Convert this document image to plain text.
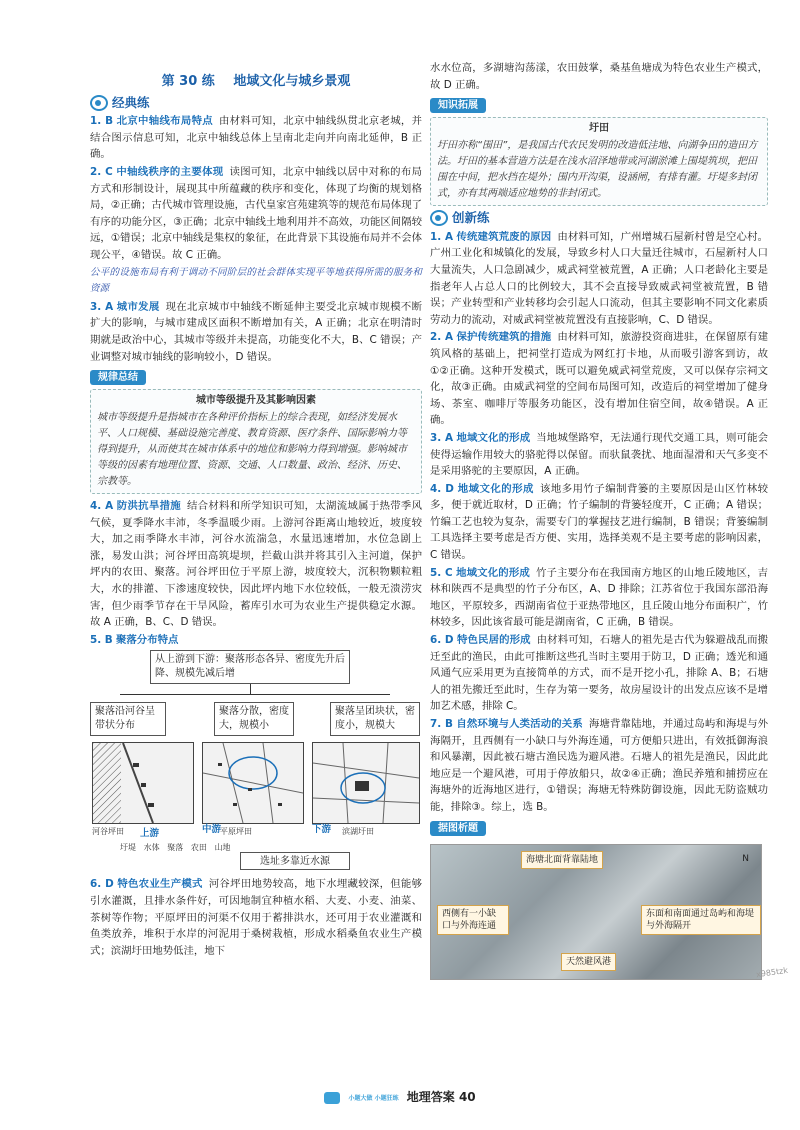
第 30 练 地域文化与城乡景观
经典练

1. B 北京中轴线布局特点 由材料可知，北京中轴线纵贯北京老城，并结合图示信息可知，北京中轴线总体上呈南北走向并向南北延伸，B 正确。

2. C 中轴线秩序的主要体现 读图可知，北京中轴线以居中对称的布局方式和形制设计，展现其中所蕴藏的秩序和变化，体现了均衡的规划格局，②正确；古代城市管理设施，古代皇家宫苑建筑等的规范布局体现了有序的功能分区，③正确；北京中轴线土地利用并不高效，功能区间隔较远，①错误；北京中轴线是集权的象征，在此背景下其设施布局并不会体现公平，④错误。故 C 正确。

公平的设施布局有利于调动不同阶层的社会群体实现平等地获得所需的服务和资源

3. A 城市发展 现在北京城市中轴线不断延伸主要受北京城市规模不断扩大的影响，与城市建成区面积不断增加有关，A 正确；北京在明清时期就是政治中心，其城市等级并未提高，功能变化不大，B、C 错误；产业调整对城市轴线的影响较小，D 错误。

规律总结
城市等级提升及其影响因素
城市等级提升是指城市在各种评价指标上的综合表现，如经济发展水平、人口规模、基础设施完善度、教育资源、医疗条件、国际影响力等得到提升，从而使其在城市体系中的地位和影响力得到增强。影响城市等级的因素有地理位置、资源、交通、人口数量、政治、经济、历史、宗教等。

4. A 防洪抗旱措施 结合材料和所学知识可知，太湖流域属于热带季风气候，夏季降水丰沛，冬季温暖少雨。上游河谷距离山地较近，坡度较大，加之雨季降水丰沛，河谷水流湍急，水量迅速增加，水位急剧上涨，易发山洪；河谷坪田高筑堤坝，拦截山洪并将其引入主河道，保护坪内的农田、聚落。河谷坪田位于平原上游，坡度较大，沉积物颗粒粗大，水的排灌、下渗速度较快，因此坪内地下水位较低，一般无溃涝灾害，但少雨季节存在干旱风险，蓄库引水可为农业生产提供稳定水源。故 A 正确，B、C、D 错误。

5. B 聚落分布特点

从上游到下游：聚落形态各异、密度先升后降、规模先减后增
聚落沿河谷呈带状分布
聚落分散，密度大，规模小
聚落呈团块状，密度小，规模大
河谷坪田 上游	平原坪田
中游	下游 滨湖圩田
圩堤 水体 聚落 农田 山地
选址多靠近水源

6. D 特色农业生产模式 河谷坪田地势较高，地下水埋藏较深，但能够引水灌溉，且排水条件好，可因地制宜种植水稻、大麦、小麦、油菜、茶树等作物；平原坪田的河渠不仅用于蓄排洪水，还可用于农业灌溉和鱼类放养，堆积于水岸的河泥用于桑树栽植，形成水稻桑鱼农业生产模式；滨湖圩田地势低洼，地下

水水位高，多湖塘沟荡漾，农田鼓掌，桑基鱼塘成为特色农业生产模式，故 D 正确。

知识拓展
圩田
圩田亦称“围田”，是我国古代农民发明的改造低洼地、向湖争田的造田方法。圩田的基本营造方法是在浅水沼泽地带或河湖淤滩上围堤筑坝，把田围在中间，把水挡在堤外；围内开沟渠，设涵闸，有排有灌。圩堤多封闭式，亦有其两端适应地势的非封闭式。
创新练

1. A 传统建筑荒废的原因 由材料可知，广州增城石屋新村曾是空心村。广州工业化和城镇化的发展，导致乡村人口大量迁往城市，石屋新村人口大量流失，人口急剧减少，威武祠堂被荒置，A 正确；人口老龄化主要是指老年人占总人口的比例较大，其不会直接导致威武祠堂被荒置，B 错误；产业转型和产业转移均会引起人口流动，但其主要影响不同文化素质劳动力的流动，对威武祠堂被荒置没有直接影响，C、D 错误。

2. A 保护传统建筑的措施 由材料可知，旅游投资商进驻，在保留原有建筑风格的基础上，把祠堂打造成为网红打卡地，从而吸引游客到访，故①②正确。这种开发模式，既可以避免威武祠堂荒废，又可以保存宗祠文化，故③正确。由威武祠堂的空间布局图可知，改造后的祠堂增加了健身场、茶室、咖啡厅等服务功能区，没有增加住宿空间，故④错误。A 正确。

3. A 地域文化的形成 当地城堡路窄，无法通行现代交通工具，则可能会使得运输作用较大的骆驼得以保留。而驮鼠袭扰、地面湿滑和天气多变不是采用骆驼的主要原因，A 正确。

4. D 地域文化的形成 该地多用竹子编制背篓的主要原因是山区竹林较多，便于就近取材，D 正确；竹子编制的背篓轻度开，C 正确；A 错误；竹编工艺也较为复杂，需要专门的掌握技艺进行编制，B 错误；背篓编制工具选择主要考虑是否方便、实用，选择美观不是主要考虑的影响因素，C 错误。

5. C 地域文化的形成 竹子主要分布在我国南方地区的山地丘陵地区，吉林和陕西不是典型的竹子分布区，A、D 排除；江苏省位于我国东部沿海地区，平原较多，西湖南省位于亚热带地区，且丘陵山地分布面积广，竹林较多，因此该省最可能是湖南省，C 正确，B 错误。

6. D 特色民居的形成 由材料可知，石塘人的祖先是古代为躲避战乱而搬迁至此的渔民，由此可推断这些孔当时主要用于防卫，D 正确；透光和通风通气应采用更为直接简单的方式，而不是开挖小孔，排除 A、B；石塘人的祖先搬迁至此时，生存为第一要务，故房屋设计的出发点应该不是增加艺术感，排除 C。

7. B 自然环境与人类活动的关系 海塘背靠陆地，并通过岛屿和海堤与外海隔开，且西侧有一小缺口与外海连通，可方便船只进出，有效抵御海浪和风暴潮，因此被石塘古渔民选为避风港。石塘人的祖先是渔民，因此此地应是一个避风港，可用于停放船只，故②④正确；渔民养殖和捕捞应在海塘外的近海地区进行，①错误；海塘无特殊防御设施，因此无防盗贼功能，排除③。综上，选 B。

据图析题
海塘北面背靠陆地
东面和南面通过岛屿和海堤与外海隔开
西侧有一小缺口与外海连通
天然避风港
N
x985tzk
小题大做 小题狂练 地理答案 40
